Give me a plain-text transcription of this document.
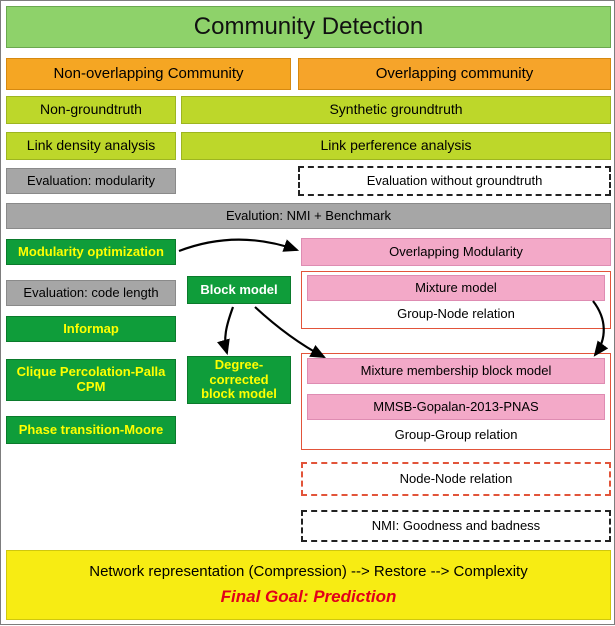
Community Detection
Non-overlapping Community	Overlapping community
Non-groundtruth	Synthetic groundtruth
Link density analysis	Link perference analysis
Evaluation: modularity	Evaluation without groundtruth
Evalution: NMI + Benchmark
Modularity optimization
Evaluation: code length
Informap
Clique Percolation-Palla CPM
Phase transition-Moore
Block model
Degree-corrected block model
Overlapping Modularity
Mixture model
Group-Node relation
Mixture membership block model
MMSB-Gopalan-2013-PNAS
Group-Group relation
Node-Node relation
NMI: Goodness and badness
Network representation (Compression) --> Restore --> Complexity
Final Goal: Prediction
